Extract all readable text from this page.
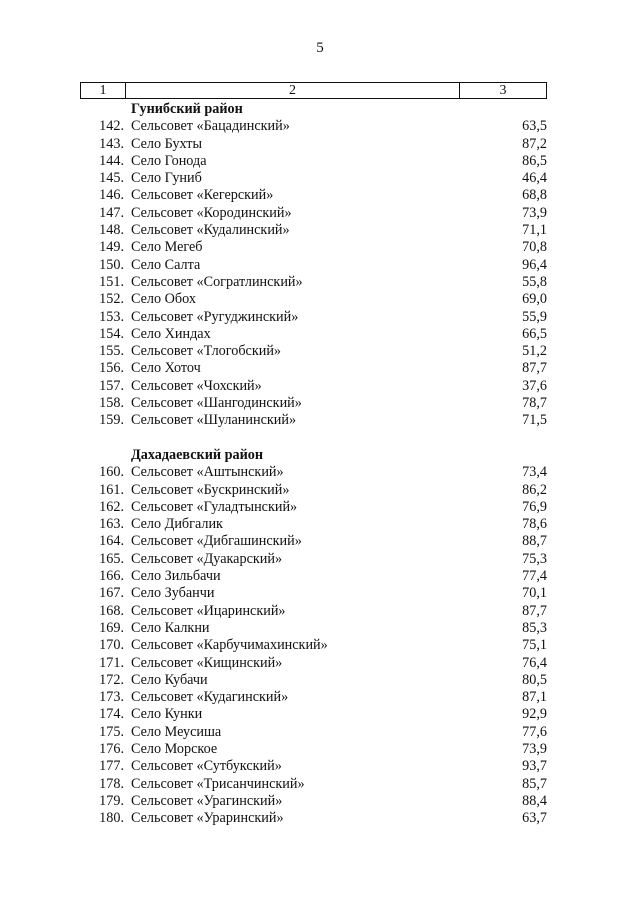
5
1	2	3
Гунибский район
142. Сельсовет «Бацадинский»	63,5
143. Село Бухты	87,2
144. Село Гонода	86,5
145. Село Гуниб	46,4
146. Сельсовет «Кегерский»	68,8
147. Сельсовет «Корoдинский»	73,9
148. Сельсовет «Кудалинский»	71,1
149. Село Мегеб	70,8
150. Село Салта	96,4
151. Сельсовет «Согратлинский»	55,8
152. Село Обох	69,0
153. Сельсовет «Ругуджинский»	55,9
154. Село Хиндах	66,5
155. Сельсовет «Тлогобский»	51,2
156. Село Хоточ	87,7
157. Сельсовет «Чохский»	37,6
158. Сельсовет «Шангодинский»	78,7
159. Сельсовет «Шуланинский»	71,5
Дахадаевский район
160. Сельсовет «Аштынский»	73,4
161. Сельсовет «Бускринский»	86,2
162. Сельсовет «Гуладтынский»	76,9
163. Село Дибгалик	78,6
164. Сельсовет «Дибгашинский»	88,7
165. Сельсовет «Дуакарский»	75,3
166. Село Зильбачи	77,4
167. Село Зубанчи	70,1
168. Сельсовет «Ицаринский»	87,7
169. Село Калкни	85,3
170. Сельсовет «Карбучимахинский»	75,1
171. Сельсовет «Кищинский»	76,4
172. Село Кубачи	80,5
173. Сельсовет «Кудагинский»	87,1
174. Село Кунки	92,9
175. Село Меусиша	77,6
176. Село Морское	73,9
177. Сельсовет «Сутбукский»	93,7
178. Сельсовет «Трисанчинский»	85,7
179. Сельсовет «Урагинский»	88,4
180. Сельсовет «Ураринский»	63,7
